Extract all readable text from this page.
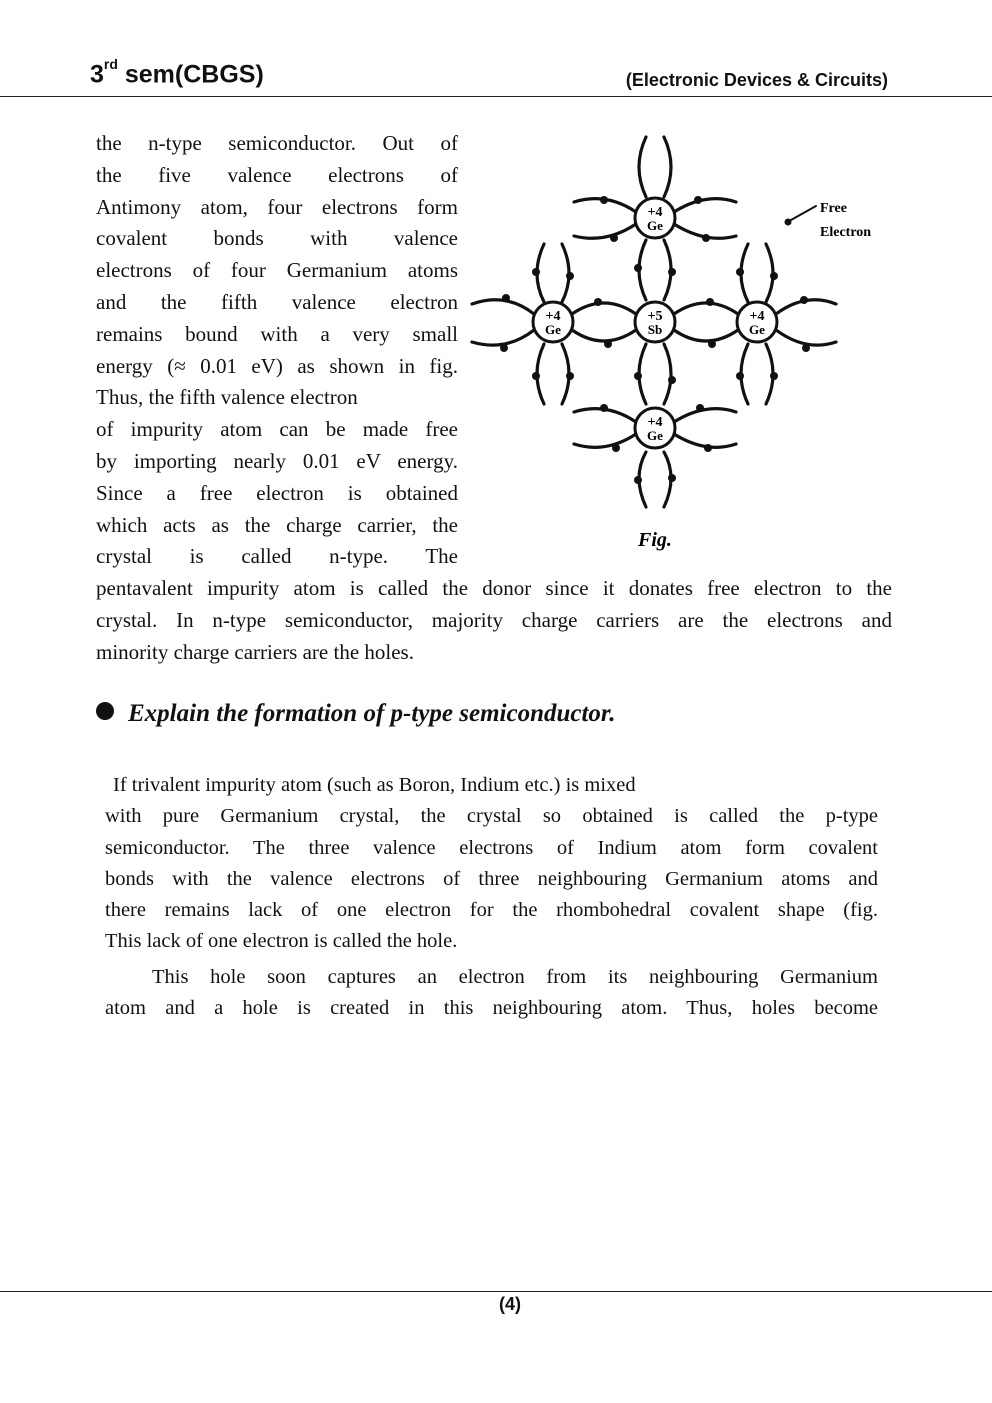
3rd sem(CBGS)	(Electronic Devices & Circuits)
the n-type semiconductor. Out of
the five valence electrons of
Antimony atom, four electrons form
covalent bonds with valence
electrons of four Germanium atoms
and the fifth valence electron
remains bound with a very small
energy (≈ 0.01 eV) as shown in fig.
Thus, the fifth valence electron
of impurity atom can be made free
by importing nearly 0.01 eV energy.
Since a free electron is obtained
which acts as the charge carrier, the
crystal is called n-type. The
+4
Ge
+4
Ge
+5
Sb
+4
Ge
+4
Ge
Free
Electron
Fig.
pentavalent impurity atom is called the donor since it donates free electron to the
crystal. In n-type semiconductor, majority charge carriers are the electrons and
minority charge carriers are the holes.
Explain the formation of p-type semiconductor.
If trivalent impurity atom (such as Boron, Indium etc.) is mixed
with pure Germanium crystal, the crystal so obtained is called the p-type
semiconductor. The three valence electrons of Indium atom form covalent
bonds with the valence electrons of three neighbouring Germanium atoms and
there remains lack of one electron for the rhombohedral covalent shape (fig.
This lack of one electron is called the hole.
This hole soon captures an electron from its neighbouring Germanium
atom and a hole is created in this neighbouring atom. Thus, holes become
(4)
